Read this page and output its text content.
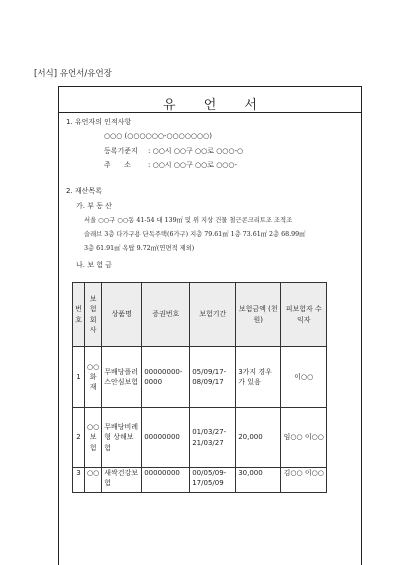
[서식] 유언서/유언장
유 언 서
1. 유언자의 인적사항
○○○ (○○○○○○-○○○○○○○)
등록기준지 : ○○시 ○○구 ○○로 ○○○-○
주      소 : ○○시 ○○구 ○○로 ○○○-
2. 재산목록
가. 부 동 산
서울 ○○구 ○○동 41-54 대 139㎡ 및 위 지상 건물 철근콘크리트조 조적조
슬래브 3층 다가구용 단독주택(6가구) 지층 79.61㎡ 1층 73.61㎡ 2층 68.99㎡
3층 61.91㎡ 옥탑 9.72㎡(연면적 제외)
나. 보 험 금
번호	보험회사	상품명	증권번호	보험기간	보험금액 (천원)	피보험자 수익자
1	○○화재	무배당플러스안심보험	00000000-0000	05/09/17-08/09/17	3가지 경우가 있음	이○○
2	○○보험	무배당비례형 상해보험	00000000	01/03/27-21/03/27	20,000	임○○ 이○○
3	○○	새싹건강보험	00000000	00/05/09-17/05/09	30,000	김○○ 이○○
